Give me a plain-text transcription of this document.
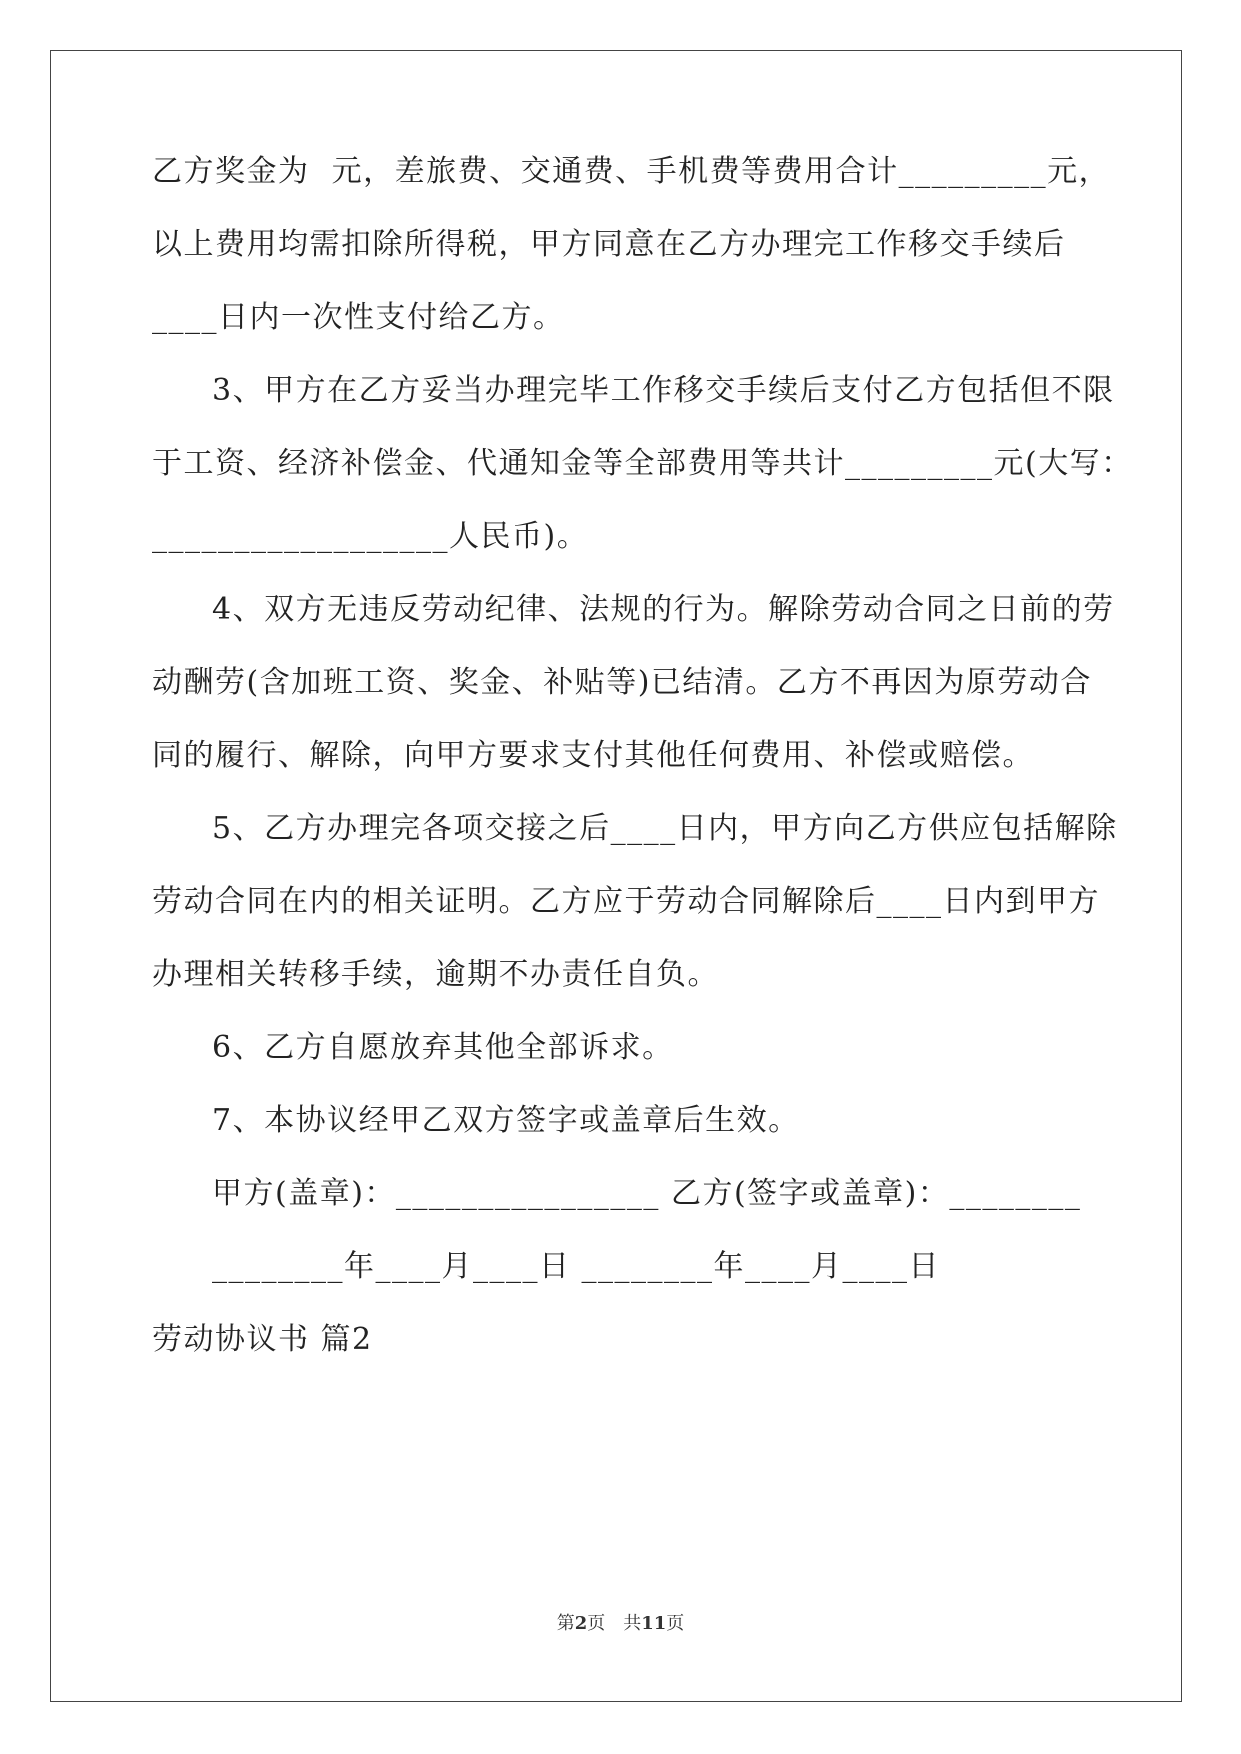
乙方奖金为  元，差旅费、交通费、手机费等费用合计_________元，
以上费用均需扣除所得税，甲方同意在乙方办理完工作移交手续后
____日内一次性支付给乙方。
3、甲方在乙方妥当办理完毕工作移交手续后支付乙方包括但不限
于工资、经济补偿金、代通知金等全部费用等共计_________元(大写：
__________________人民币)。
4、双方无违反劳动纪律、法规的行为。解除劳动合同之日前的劳
动酬劳(含加班工资、奖金、补贴等)已结清。乙方不再因为原劳动合
同的履行、解除，向甲方要求支付其他任何费用、补偿或赔偿。
5、乙方办理完各项交接之后____日内，甲方向乙方供应包括解除
劳动合同在内的相关证明。乙方应于劳动合同解除后____日内到甲方
办理相关转移手续，逾期不办责任自负。
6、乙方自愿放弃其他全部诉求。
7、本协议经甲乙双方签字或盖章后生效。
甲方(盖章)：________________ 乙方(签字或盖章)：________
________年____月____日 ________年____月____日
劳动协议书 篇2
第2页　共11页
